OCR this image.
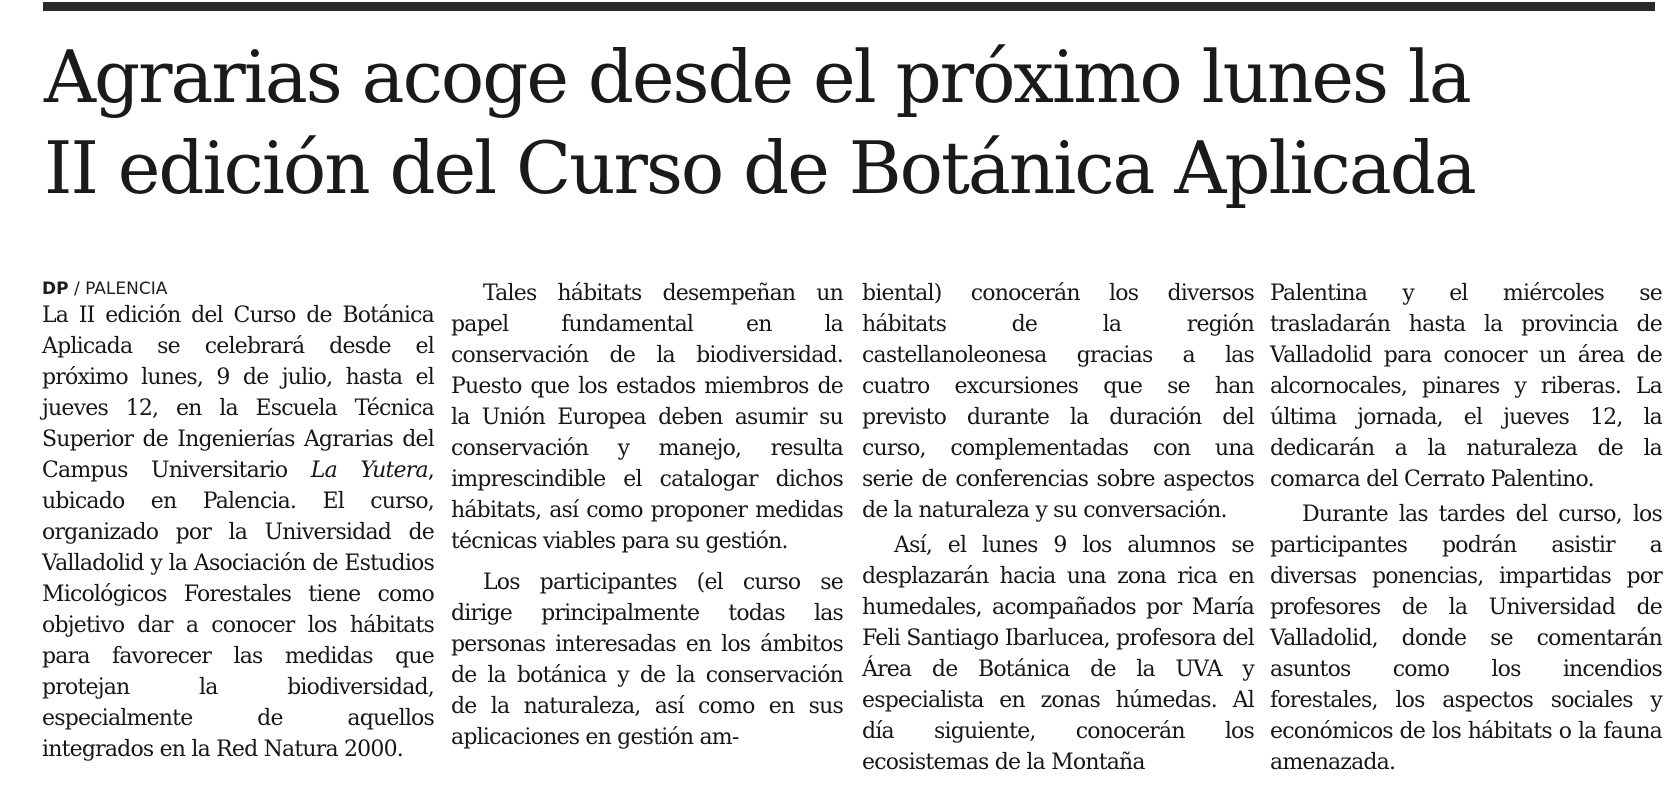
Agrarias acoge desde el próximo lunes la
II edición del Curso de Botánica Aplicada
DP / PALENCIA

La II edición del Curso de Botánica Aplicada se celebrará desde el próximo lunes, 9 de julio, hasta el jueves 12, en la Escuela Técnica Superior de Ingenierías Agrarias del Campus Universitario La Yutera, ubicado en Palencia. El curso, organizado por la Universidad de Valladolid y la Asociación de Estudios Micológicos Forestales tiene como objetivo dar a conocer los hábitats para favorecer las medidas que protejan la biodiversidad, especialmente de aquellos integrados en la Red Natura 2000.

Tales hábitats desempeñan un papel fundamental en la conservación de la biodiversidad. Puesto que los estados miembros de la Unión Europea deben asumir su conservación y manejo, resulta imprescindible el catalogar dichos hábitats, así como proponer medidas técnicas viables para su gestión.

Los participantes (el curso se dirige principalmente todas las personas interesadas en los ámbitos de la botánica y de la conservación de la naturaleza, así como en sus aplicaciones en gestión am-

biental) conocerán los diversos hábitats de la región castellanoleonesa gracias a las cuatro excursiones que se han previsto durante la duración del curso, complementadas con una serie de conferencias sobre aspectos de la naturaleza y su conversación.

Así, el lunes 9 los alumnos se desplazarán hacia una zona rica en humedales, acompañados por María Feli Santiago Ibarlucea, profesora del Área de Botánica de la UVA y especialista en zonas húmedas. Al día siguiente, conocerán los ecosistemas de la Montaña

Palentina y el miércoles se trasladarán hasta la provincia de Valladolid para conocer un área de alcornocales, pinares y riberas. La última jornada, el jueves 12, la dedicarán a la naturaleza de la comarca del Cerrato Palentino.

Durante las tardes del curso, los participantes podrán asistir a diversas ponencias, impartidas por profesores de la Universidad de Valladolid, donde se comentarán asuntos como los incendios forestales, los aspectos sociales y económicos de los hábitats o la fauna amenazada.
